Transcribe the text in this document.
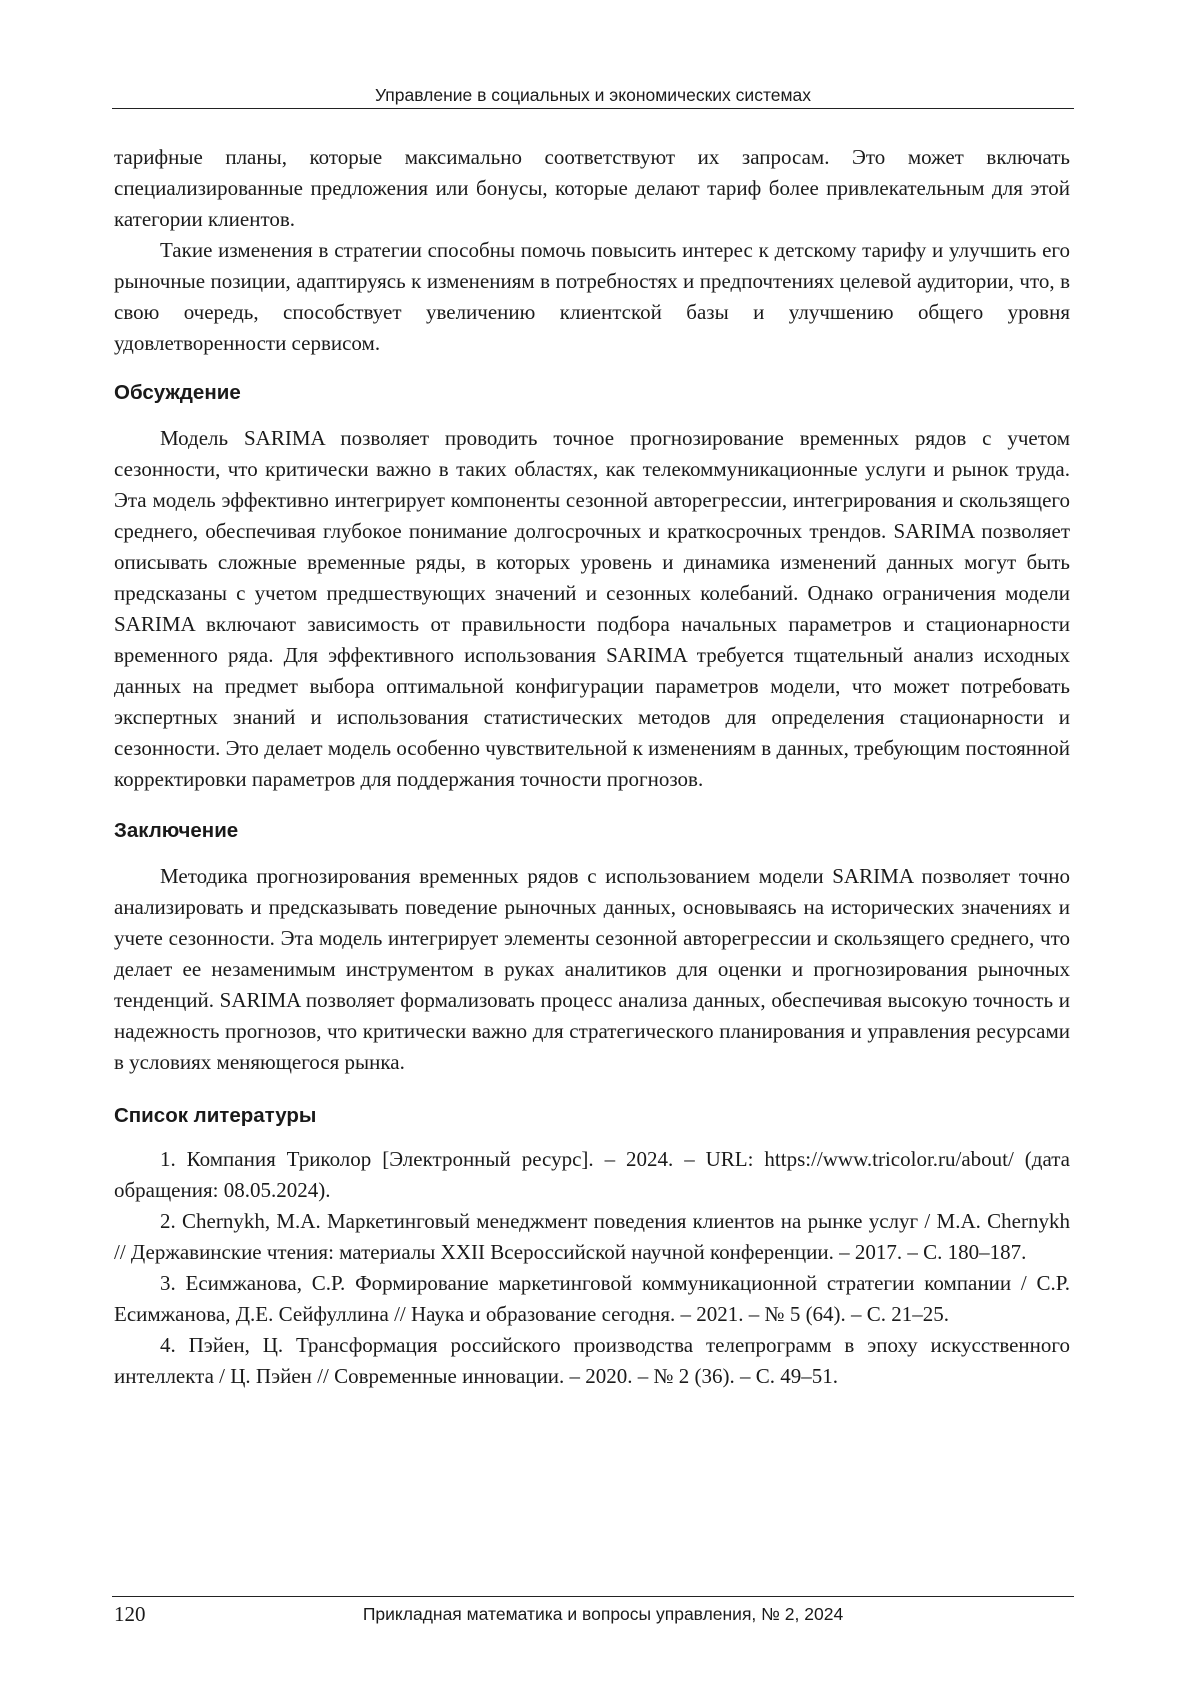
Управление в социальных и экономических системах

тарифные планы, которые максимально соответствуют их запросам. Это может включать специализированные предложения или бонусы, которые делают тариф более привлекательным для этой категории клиентов.

Такие изменения в стратегии способны помочь повысить интерес к детскому тарифу и улучшить его рыночные позиции, адаптируясь к изменениям в потребностях и предпочтениях целевой аудитории, что, в свою очередь, способствует увеличению клиентской базы и улучшению общего уровня удовлетворенности сервисом.

Обсуждение

Модель SARIMA позволяет проводить точное прогнозирование временных рядов с учетом сезонности, что критически важно в таких областях, как телекоммуникационные услуги и рынок труда. Эта модель эффективно интегрирует компоненты сезонной авторегрессии, интегрирования и скользящего среднего, обеспечивая глубокое понимание долгосрочных и краткосрочных трендов. SARIMA позволяет описывать сложные временные ряды, в которых уровень и динамика изменений данных могут быть предсказаны с учетом предшествующих значений и сезонных колебаний. Однако ограничения модели SARIMA включают зависимость от правильности подбора начальных параметров и стационарности временного ряда. Для эффективного использования SARIMA требуется тщательный анализ исходных данных на предмет выбора оптимальной конфигурации параметров модели, что может потребовать экспертных знаний и использования статистических методов для определения стационарности и сезонности. Это делает модель особенно чувствительной к изменениям в данных, требующим постоянной корректировки параметров для поддержания точности прогнозов.

Заключение

Методика прогнозирования временных рядов с использованием модели SARIMA позволяет точно анализировать и предсказывать поведение рыночных данных, основываясь на исторических значениях и учете сезонности. Эта модель интегрирует элементы сезонной авторегрессии и скользящего среднего, что делает ее незаменимым инструментом в руках аналитиков для оценки и прогнозирования рыночных тенденций. SARIMA позволяет формализовать процесс анализа данных, обеспечивая высокую точность и надежность прогнозов, что критически важно для стратегического планирования и управления ресурсами в условиях меняющегося рынка.

Список литературы
1. Компания Триколор [Электронный ресурс]. – 2024. – URL: https://www.tricolor.ru/about/ (дата обращения: 08.05.2024).
2. Chernykh, M.A. Маркетинговый менеджмент поведения клиентов на рынке услуг / M.A. Chernykh // Державинские чтения: материалы XXII Всероссийской научной конференции. – 2017. – С. 180–187.
3. Есимжанова, С.Р. Формирование маркетинговой коммуникационной стратегии компании / С.Р. Есимжанова, Д.Е. Сейфуллина // Наука и образование сегодня. – 2021. – № 5 (64). – С. 21–25.
4. Пэйен, Ц. Трансформация российского производства телепрограмм в эпоху искусственного интеллекта / Ц. Пэйен // Современные инновации. – 2020. – № 2 (36). – С. 49–51.
120	Прикладная математика и вопросы управления, № 2, 2024
